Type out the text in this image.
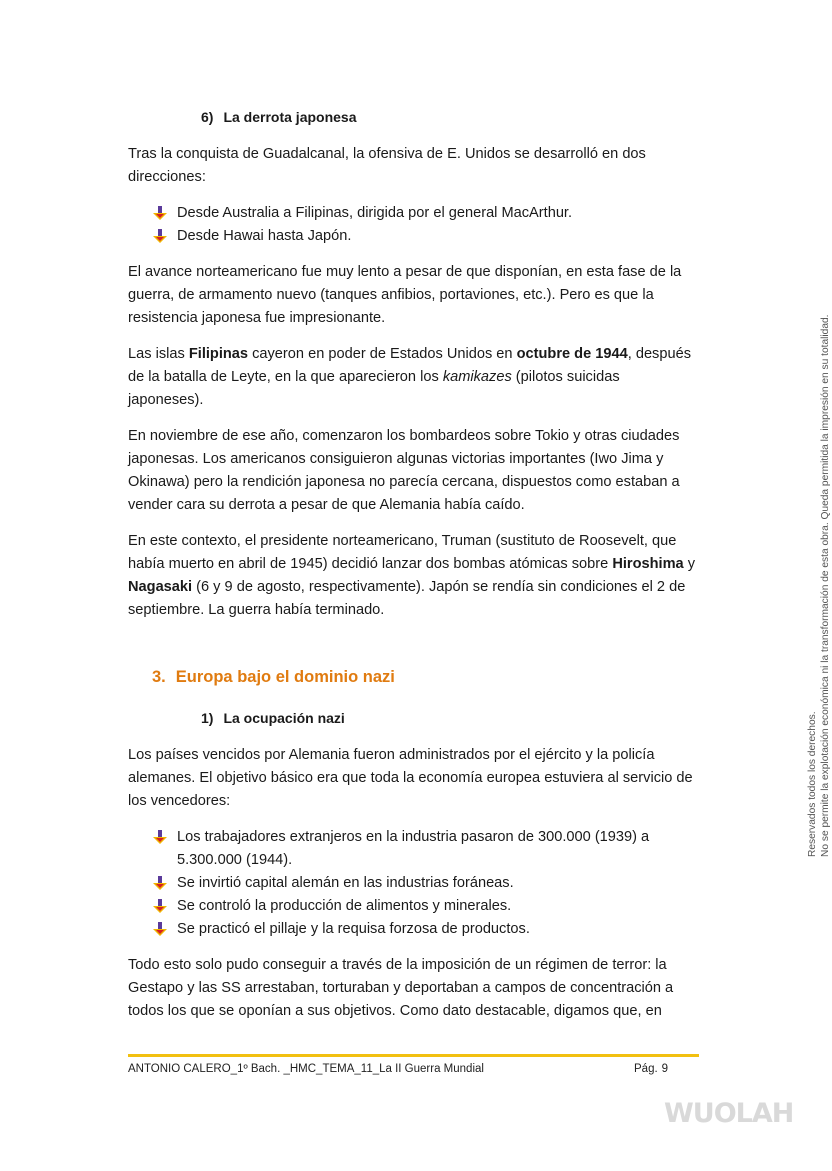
6) La derrota japonesa

Tras la conquista de Guadalcanal, la ofensiva de E. Unidos se desarrolló en dos direcciones:

Desde Australia a Filipinas, dirigida por el general MacArthur.
Desde Hawai hasta Japón.

El avance norteamericano fue muy lento a pesar de que disponían, en esta fase de la guerra, de armamento nuevo (tanques anfibios, portaviones, etc.). Pero es que la resistencia japonesa fue impresionante.

Las islas Filipinas cayeron en poder de Estados Unidos en octubre de 1944, después de la batalla de Leyte, en la que aparecieron los kamikazes (pilotos suicidas japoneses).

En noviembre de ese año, comenzaron los bombardeos sobre Tokio y otras ciudades japonesas. Los americanos consiguieron algunas victorias importantes (Iwo Jima y Okinawa) pero la rendición japonesa no parecía cercana, dispuestos como estaban a vender cara su derrota a pesar de que Alemania había caído.

En este contexto, el presidente norteamericano, Truman (sustituto de Roosevelt, que había muerto en abril de 1945) decidió lanzar dos bombas atómicas sobre Hiroshima y Nagasaki (6 y 9 de agosto, respectivamente). Japón se rendía sin condiciones el 2 de septiembre. La guerra había terminado.

3. Europa bajo el dominio nazi
1) La ocupación nazi

Los países vencidos por Alemania fueron administrados por el ejército y la policía alemanes. El objetivo básico era que toda la economía europea estuviera al servicio de los vencedores:

Los trabajadores extranjeros en la industria pasaron de 300.000 (1939) a 5.300.000 (1944).
Se invirtió capital alemán en las industrias foráneas.
Se controló la producción de alimentos y minerales.
Se practicó el pillaje y la requisa forzosa de productos.

Todo esto solo pudo conseguir a través de la imposición de un régimen de terror: la Gestapo y las SS arrestaban, torturaban y deportaban a campos de concentración a todos los que se oponían a sus objetivos. Como dato destacable, digamos que, en

ANTONIO CALERO_1º Bach. _HMC_TEMA_11_La II Guerra Mundial	Pág. 9
Reservados todos los derechos. No se permite la explotación económica ni la transformación de esta obra. Queda permitida la impresión en su totalidad.
WUOLAH
